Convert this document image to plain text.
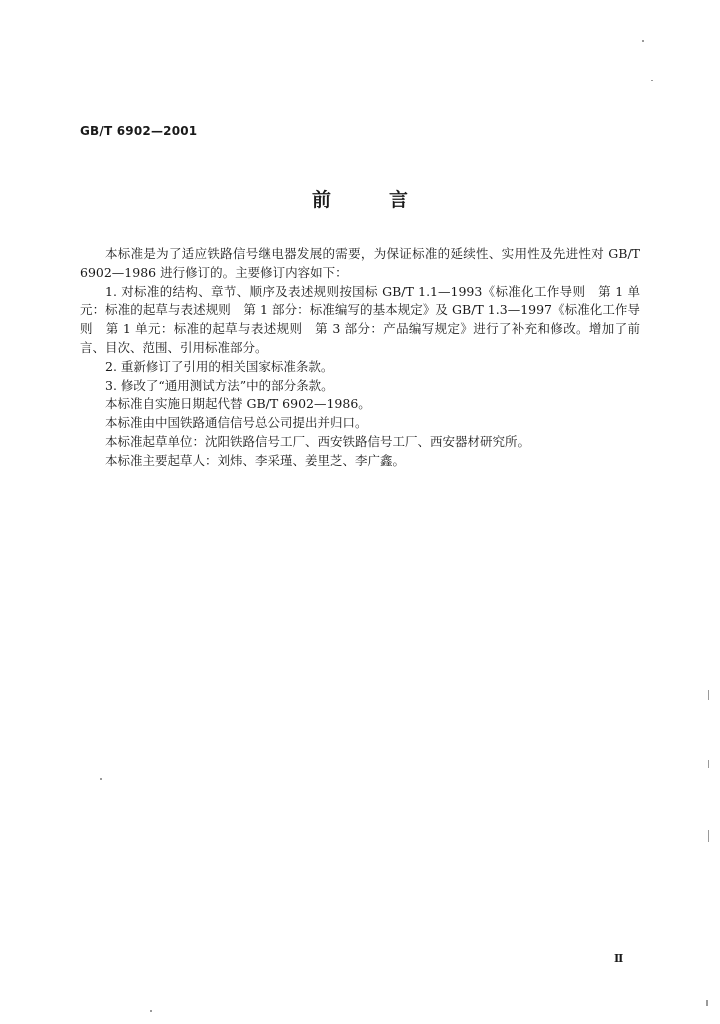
GB/T 6902—2001
前	言

本标准是为了适应铁路信号继电器发展的需要，为保证标准的延续性、实用性及先进性对 GB/T 6902—1986 进行修订的。主要修订内容如下：

1. 对标准的结构、章节、顺序及表述规则按国标 GB/T 1.1—1993《标准化工作导则　第 1 单元：标准的起草与表述规则　第 1 部分：标准编写的基本规定》及 GB/T 1.3—1997《标准化工作导则　第 1 单元：标准的起草与表述规则　第 3 部分：产品编写规定》进行了补充和修改。增加了前言、目次、范围、引用标准部分。

2. 重新修订了引用的相关国家标准条款。

3. 修改了“通用测试方法”中的部分条款。

本标准自实施日期起代替 GB/T 6902—1986。

本标准由中国铁路通信信号总公司提出并归口。

本标准起草单位：沈阳铁路信号工厂、西安铁路信号工厂、西安器材研究所。

本标准主要起草人：刘炜、李采瑾、姜里芝、李广鑫。

Ⅱ
